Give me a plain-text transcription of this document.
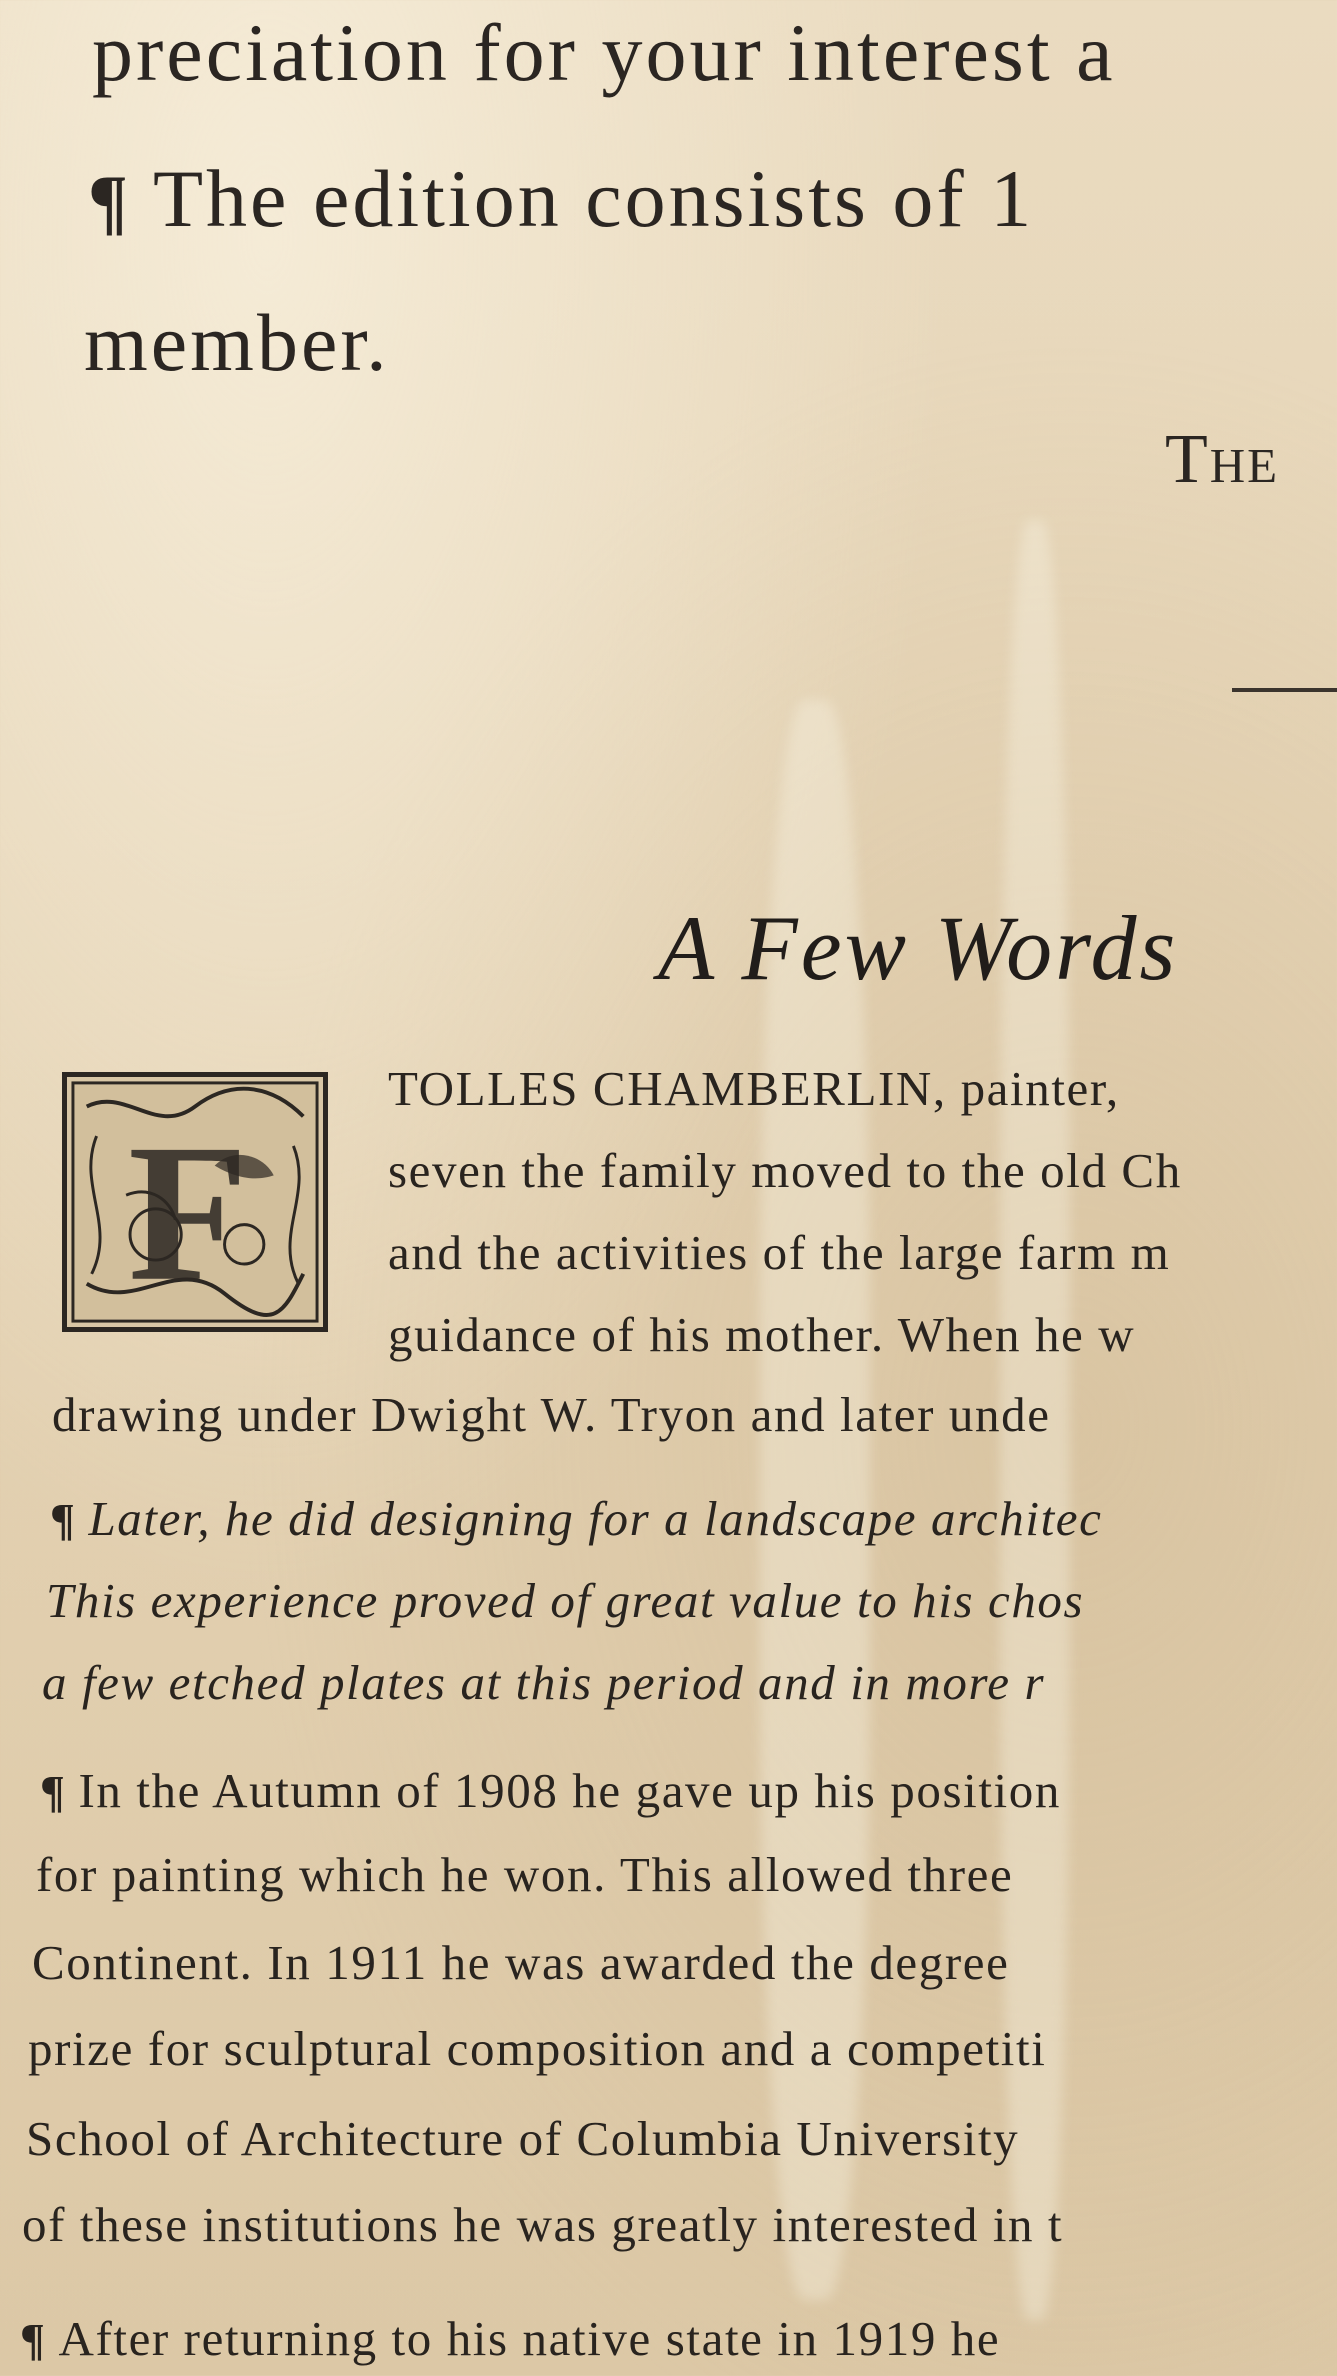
preciation for your interest a

¶ The edition consists of 1

member.

The
A Few Words
F

TOLLES CHAMBERLIN, painter,

seven the family moved to the old Ch

and the activities of the large farm m

guidance of his mother. When he w

drawing under Dwight W. Tryon and later unde

¶ Later, he did designing for a landscape architec

This experience proved of great value to his chos

a few etched plates at this period and in more r

¶ In the Autumn of 1908 he gave up his position

for painting which he won. This allowed three

Continent. In 1911 he was awarded the degree

prize for sculptural composition and a competiti

School of Architecture of Columbia University

of these institutions he was greatly interested in t

¶ After returning to his native state in 1919 he
